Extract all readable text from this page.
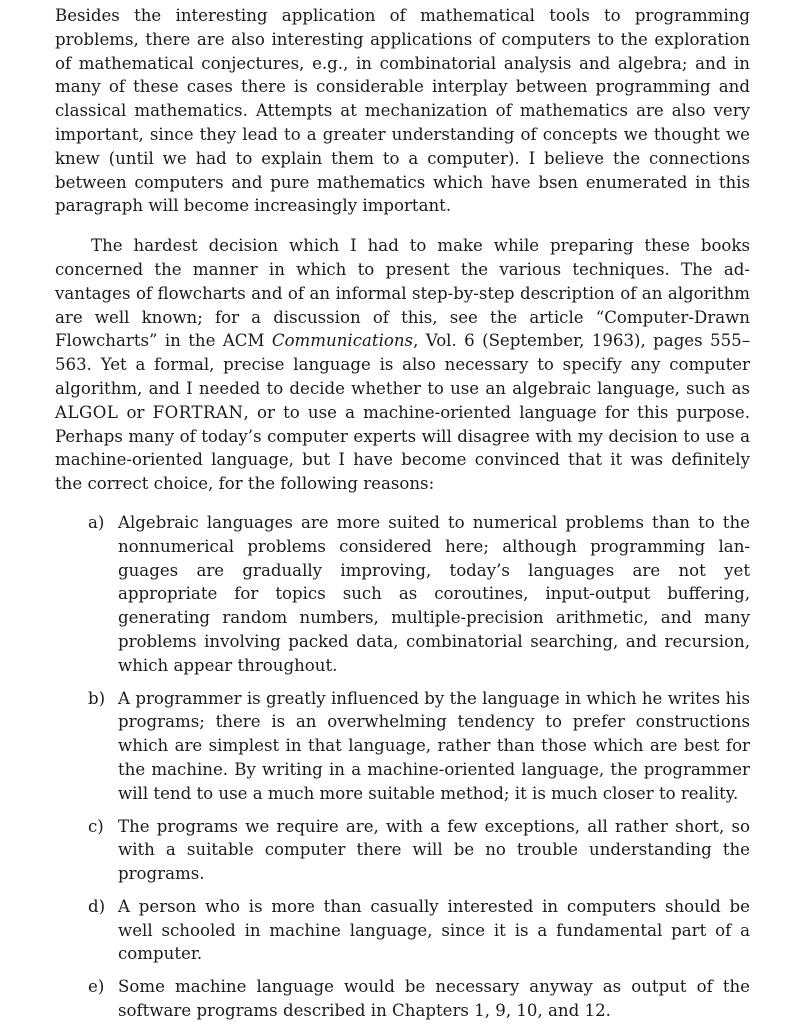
Besides the interesting application of mathematical tools to programming problems, there are also interesting applications of computers to the exploration of mathematical conjectures, e.g., in combinatorial analysis and algebra; and in many of these cases there is considerable interplay between programming and classical mathematics. Attempts at mechanization of mathematics are also very important, since they lead to a greater understanding of concepts we thought we knew (until we had to explain them to a computer). I believe the connections between computers and pure mathematics which have bsen enumerated in this paragraph will become increasingly important.

The hardest decision which I had to make while preparing these books concerned the manner in which to present the various techniques. The advantages of flowcharts and of an informal step-by-step description of an algorithm are well known; for a discussion of this, see the article “Computer-Drawn Flowcharts” in the ACM Communications, Vol. 6 (September, 1963), pages 555–563. Yet a formal, precise language is also necessary to specify any computer algorithm, and I needed to decide whether to use an algebraic language, such as ALGOL or FORTRAN, or to use a machine-oriented language for this purpose. Perhaps many of today’s computer experts will disagree with my decision to use a machine-oriented language, but I have become convinced that it was definitely the correct choice, for the following reasons:

a) Algebraic languages are more suited to numerical problems than to the nonnumerical problems considered here; although programming languages are gradually improving, today’s languages are not yet appropriate for topics such as coroutines, input-output buffering, generating random numbers, multiple-precision arithmetic, and many problems involving packed data, combinatorial searching, and recursion, which appear throughout.
b) A programmer is greatly influenced by the language in which he writes his programs; there is an overwhelming tendency to prefer constructions which are simplest in that language, rather than those which are best for the machine. By writing in a machine-oriented language, the programmer will tend to use a much more suitable method; it is much closer to reality.
c) The programs we require are, with a few exceptions, all rather short, so with a suitable computer there will be no trouble understanding the programs.
d) A person who is more than casually interested in computers should be well schooled in machine language, since it is a fundamental part of a computer.
e) Some machine language would be necessary anyway as output of the software programs described in Chapters 1, 9, 10, and 12.
